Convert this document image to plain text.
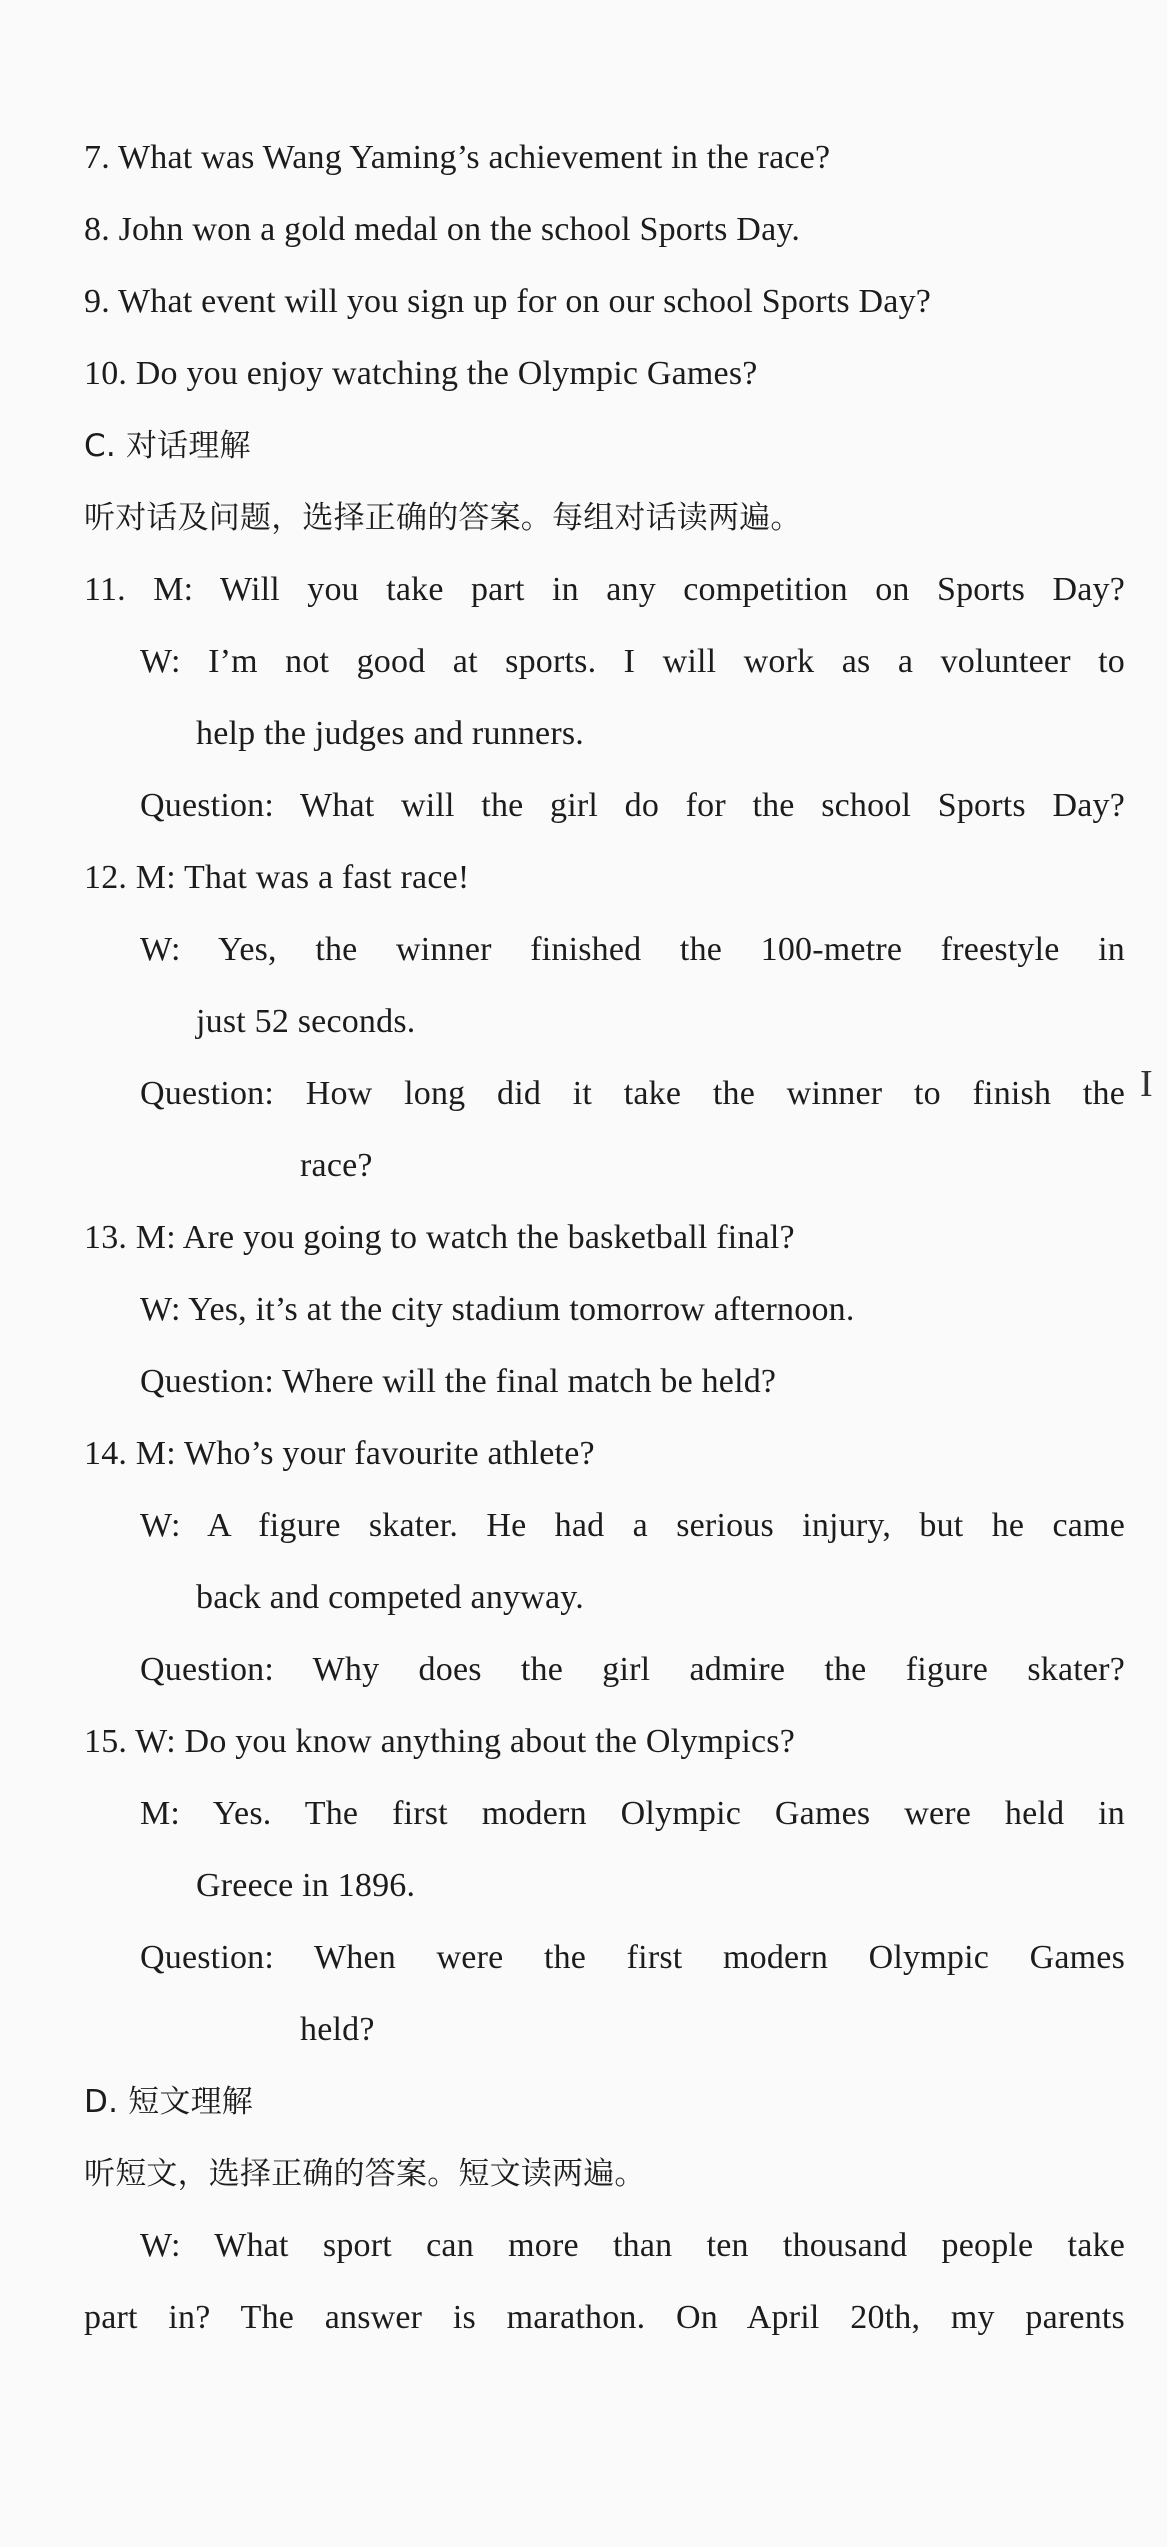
7. What was Wang Yaming’s achievement in the race?
8. John won a gold medal on the school Sports Day.
9. What event will you sign up for on our school Sports Day?
10. Do you enjoy watching the Olympic Games?
C. 对话理解
听对话及问题，选择正确的答案。每组对话读两遍。
11. M: Will you take part in any competition on Sports Day?
W: I’m not good at sports. I will work as a volunteer to
help the judges and runners.
Question: What will the girl do for the school Sports Day?
12. M: That was a fast race!
W: Yes, the winner finished the 100-metre freestyle in
just 52 seconds.
Question: How long did it take the winner to finish the
race?
13. M: Are you going to watch the basketball final?
W: Yes, it’s at the city stadium tomorrow afternoon.
Question: Where will the final match be held?
14. M: Who’s your favourite athlete?
W: A figure skater. He had a serious injury, but he came
back and competed anyway.
Question: Why does the girl admire the figure skater?
15. W: Do you know anything about the Olympics?
M: Yes. The first modern Olympic Games were held in
Greece in 1896.
Question: When were the first modern Olympic Games
held?
D. 短文理解
听短文，选择正确的答案。短文读两遍。
W: What sport can more than ten thousand people take
part in? The answer is marathon. On April 20th, my parents
I
